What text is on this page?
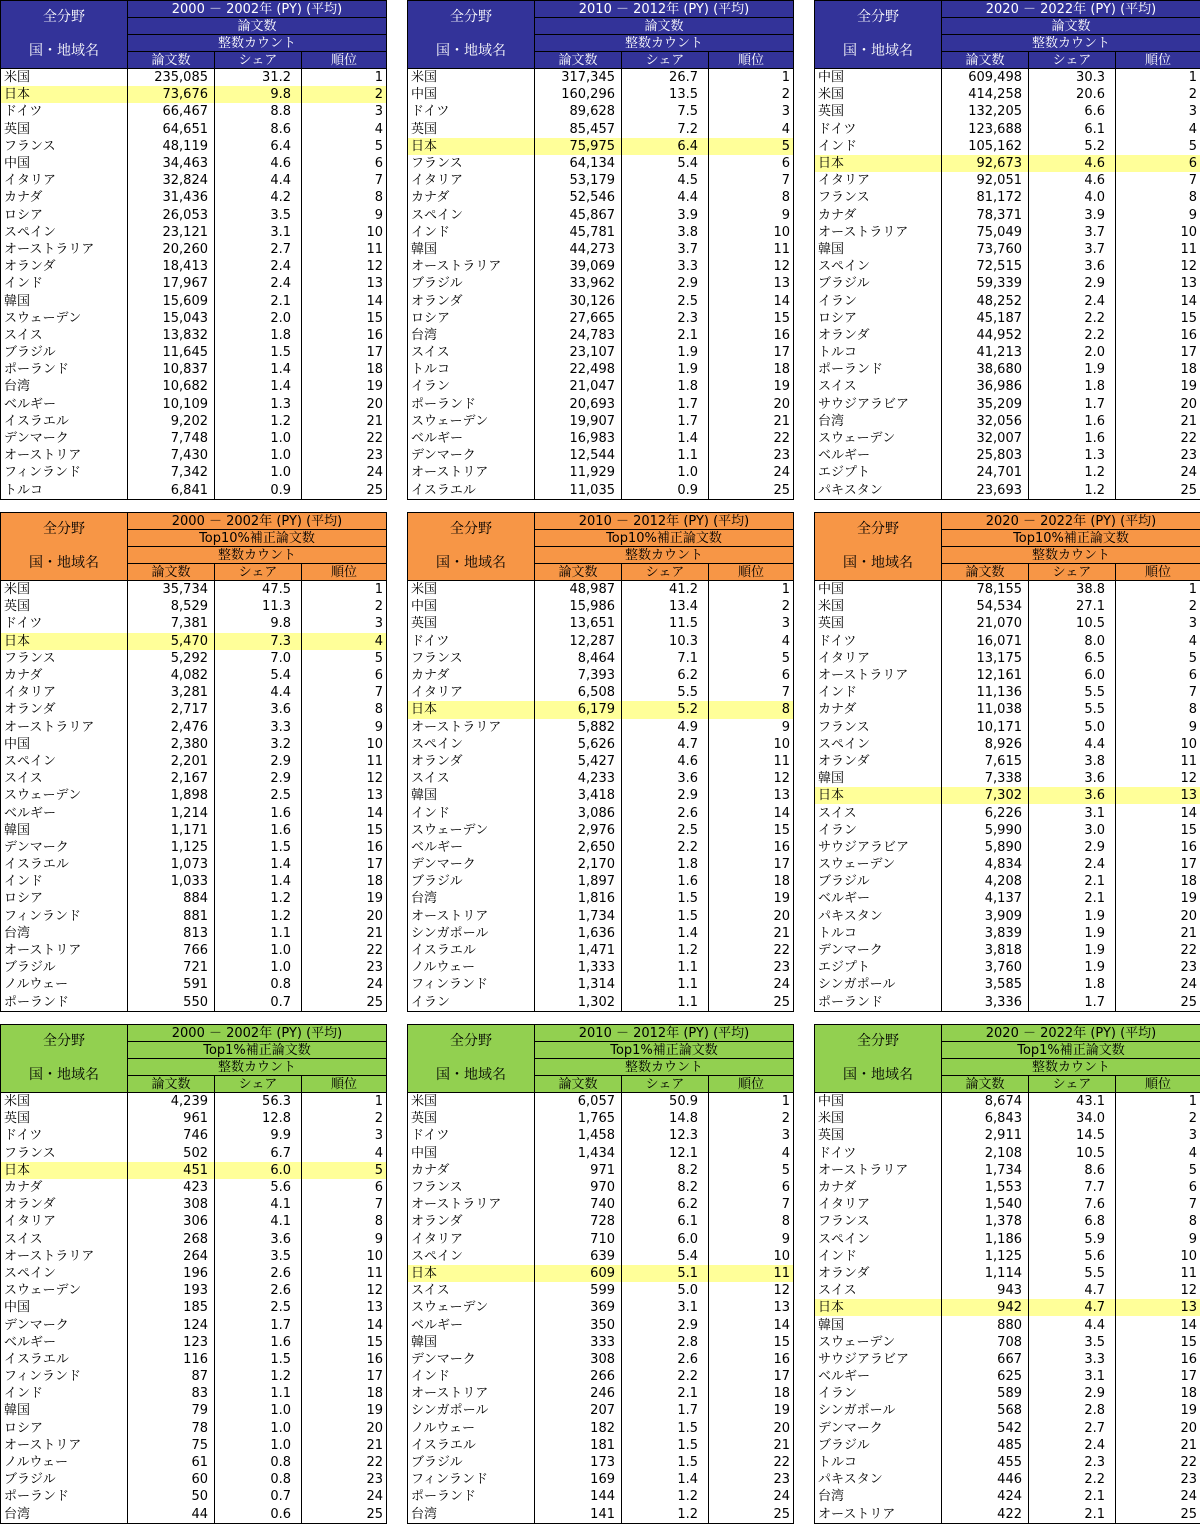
全分野	2000 － 2002年 (PY) (平均)		
	論文数		
国・地域名	整数カウント		
	論文数	シェア	順位
米国	235,085	31.2	1
日本	73,676	9.8	2
ドイツ	66,467	8.8	3
英国	64,651	8.6	4
フランス	48,119	6.4	5
中国	34,463	4.6	6
イタリア	32,824	4.4	7
カナダ	31,436	4.2	8
ロシア	26,053	3.5	9
スペイン	23,121	3.1	10
オーストラリア	20,260	2.7	11
オランダ	18,413	2.4	12
インド	17,967	2.4	13
韓国	15,609	2.1	14
スウェーデン	15,043	2.0	15
スイス	13,832	1.8	16
ブラジル	11,645	1.5	17
ポーランド	10,837	1.4	18
台湾	10,682	1.4	19
ベルギー	10,109	1.3	20
イスラエル	9,202	1.2	21
デンマーク	7,748	1.0	22
オーストリア	7,430	1.0	23
フィンランド	7,342	1.0	24
トルコ	6,841	0.9	25
全分野	2010 － 2012年 (PY) (平均)		
	論文数		
国・地域名	整数カウント		
	論文数	シェア	順位
米国	317,345	26.7	1
中国	160,296	13.5	2
ドイツ	89,628	7.5	3
英国	85,457	7.2	4
日本	75,975	6.4	5
フランス	64,134	5.4	6
イタリア	53,179	4.5	7
カナダ	52,546	4.4	8
スペイン	45,867	3.9	9
インド	45,781	3.8	10
韓国	44,273	3.7	11
オーストラリア	39,069	3.3	12
ブラジル	33,962	2.9	13
オランダ	30,126	2.5	14
ロシア	27,665	2.3	15
台湾	24,783	2.1	16
スイス	23,107	1.9	17
トルコ	22,498	1.9	18
イラン	21,047	1.8	19
ポーランド	20,693	1.7	20
スウェーデン	19,907	1.7	21
ベルギー	16,983	1.4	22
デンマーク	12,544	1.1	23
オーストリア	11,929	1.0	24
イスラエル	11,035	0.9	25
全分野	2020 － 2022年 (PY) (平均)		
	論文数		
国・地域名	整数カウント		
	論文数	シェア	順位
中国	609,498	30.3	1
米国	414,258	20.6	2
英国	132,205	6.6	3
ドイツ	123,688	6.1	4
インド	105,162	5.2	5
日本	92,673	4.6	6
イタリア	92,051	4.6	7
フランス	81,172	4.0	8
カナダ	78,371	3.9	9
オーストラリア	75,049	3.7	10
韓国	73,760	3.7	11
スペイン	72,515	3.6	12
ブラジル	59,339	2.9	13
イラン	48,252	2.4	14
ロシア	45,187	2.2	15
オランダ	44,952	2.2	16
トルコ	41,213	2.0	17
ポーランド	38,680	1.9	18
スイス	36,986	1.8	19
サウジアラビア	35,209	1.7	20
台湾	32,056	1.6	21
スウェーデン	32,007	1.6	22
ベルギー	25,803	1.3	23
エジプト	24,701	1.2	24
パキスタン	23,693	1.2	25
全分野	2000 － 2002年 (PY) (平均)		
	Top10%補正論文数		
国・地域名	整数カウント		
	論文数	シェア	順位
米国	35,734	47.5	1
英国	8,529	11.3	2
ドイツ	7,381	9.8	3
日本	5,470	7.3	4
フランス	5,292	7.0	5
カナダ	4,082	5.4	6
イタリア	3,281	4.4	7
オランダ	2,717	3.6	8
オーストラリア	2,476	3.3	9
中国	2,380	3.2	10
スペイン	2,201	2.9	11
スイス	2,167	2.9	12
スウェーデン	1,898	2.5	13
ベルギー	1,214	1.6	14
韓国	1,171	1.6	15
デンマーク	1,125	1.5	16
イスラエル	1,073	1.4	17
インド	1,033	1.4	18
ロシア	884	1.2	19
フィンランド	881	1.2	20
台湾	813	1.1	21
オーストリア	766	1.0	22
ブラジル	721	1.0	23
ノルウェー	591	0.8	24
ポーランド	550	0.7	25
全分野	2010 － 2012年 (PY) (平均)		
	Top10%補正論文数		
国・地域名	整数カウント		
	論文数	シェア	順位
米国	48,987	41.2	1
中国	15,986	13.4	2
英国	13,651	11.5	3
ドイツ	12,287	10.3	4
フランス	8,464	7.1	5
カナダ	7,393	6.2	6
イタリア	6,508	5.5	7
日本	6,179	5.2	8
オーストラリア	5,882	4.9	9
スペイン	5,626	4.7	10
オランダ	5,427	4.6	11
スイス	4,233	3.6	12
韓国	3,418	2.9	13
インド	3,086	2.6	14
スウェーデン	2,976	2.5	15
ベルギー	2,650	2.2	16
デンマーク	2,170	1.8	17
ブラジル	1,897	1.6	18
台湾	1,816	1.5	19
オーストリア	1,734	1.5	20
シンガポール	1,636	1.4	21
イスラエル	1,471	1.2	22
ノルウェー	1,333	1.1	23
フィンランド	1,314	1.1	24
イラン	1,302	1.1	25
全分野	2020 － 2022年 (PY) (平均)		
	Top10%補正論文数		
国・地域名	整数カウント		
	論文数	シェア	順位
中国	78,155	38.8	1
米国	54,534	27.1	2
英国	21,070	10.5	3
ドイツ	16,071	8.0	4
イタリア	13,175	6.5	5
オーストラリア	12,161	6.0	6
インド	11,136	5.5	7
カナダ	11,038	5.5	8
フランス	10,171	5.0	9
スペイン	8,926	4.4	10
オランダ	7,615	3.8	11
韓国	7,338	3.6	12
日本	7,302	3.6	13
スイス	6,226	3.1	14
イラン	5,990	3.0	15
サウジアラビア	5,890	2.9	16
スウェーデン	4,834	2.4	17
ブラジル	4,208	2.1	18
ベルギー	4,137	2.1	19
パキスタン	3,909	1.9	20
トルコ	3,839	1.9	21
デンマーク	3,818	1.9	22
エジプト	3,760	1.9	23
シンガポール	3,585	1.8	24
ポーランド	3,336	1.7	25
全分野	2000 － 2002年 (PY) (平均)		
	Top1%補正論文数		
国・地域名	整数カウント		
	論文数	シェア	順位
米国	4,239	56.3	1
英国	961	12.8	2
ドイツ	746	9.9	3
フランス	502	6.7	4
日本	451	6.0	5
カナダ	423	5.6	6
オランダ	308	4.1	7
イタリア	306	4.1	8
スイス	268	3.6	9
オーストラリア	264	3.5	10
スペイン	196	2.6	11
スウェーデン	193	2.6	12
中国	185	2.5	13
デンマーク	124	1.7	14
ベルギー	123	1.6	15
イスラエル	116	1.5	16
フィンランド	87	1.2	17
インド	83	1.1	18
韓国	79	1.0	19
ロシア	78	1.0	20
オーストリア	75	1.0	21
ノルウェー	61	0.8	22
ブラジル	60	0.8	23
ポーランド	50	0.7	24
台湾	44	0.6	25
全分野	2010 － 2012年 (PY) (平均)		
	Top1%補正論文数		
国・地域名	整数カウント		
	論文数	シェア	順位
米国	6,057	50.9	1
英国	1,765	14.8	2
ドイツ	1,458	12.3	3
中国	1,434	12.1	4
カナダ	971	8.2	5
フランス	970	8.2	6
オーストラリア	740	6.2	7
オランダ	728	6.1	8
イタリア	710	6.0	9
スペイン	639	5.4	10
日本	609	5.1	11
スイス	599	5.0	12
スウェーデン	369	3.1	13
ベルギー	350	2.9	14
韓国	333	2.8	15
デンマーク	308	2.6	16
インド	266	2.2	17
オーストリア	246	2.1	18
シンガポール	207	1.7	19
ノルウェー	182	1.5	20
イスラエル	181	1.5	21
ブラジル	173	1.5	22
フィンランド	169	1.4	23
ポーランド	144	1.2	24
台湾	141	1.2	25
全分野	2020 － 2022年 (PY) (平均)		
	Top1%補正論文数		
国・地域名	整数カウント		
	論文数	シェア	順位
中国	8,674	43.1	1
米国	6,843	34.0	2
英国	2,911	14.5	3
ドイツ	2,108	10.5	4
オーストラリア	1,734	8.6	5
カナダ	1,553	7.7	6
イタリア	1,540	7.6	7
フランス	1,378	6.8	8
スペイン	1,186	5.9	9
インド	1,125	5.6	10
オランダ	1,114	5.5	11
スイス	943	4.7	12
日本	942	4.7	13
韓国	880	4.4	14
スウェーデン	708	3.5	15
サウジアラビア	667	3.3	16
ベルギー	625	3.1	17
イラン	589	2.9	18
シンガポール	568	2.8	19
デンマーク	542	2.7	20
ブラジル	485	2.4	21
トルコ	455	2.3	22
パキスタン	446	2.2	23
台湾	424	2.1	24
オーストリア	422	2.1	25
